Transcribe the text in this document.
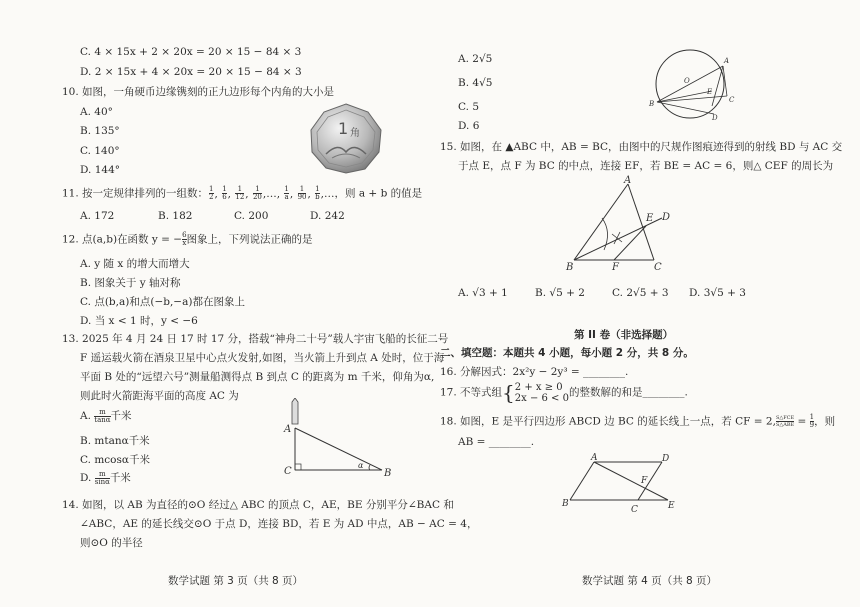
C. 4 × 15x + 2 × 20x = 20 × 15 − 84 × 3
D. 2 × 15x + 4 × 20x = 20 × 15 − 84 × 3
10. 如图，一角硬币边缘镌刻的正九边形每个内角的大小是
A. 40°
B. 135°
C. 140°
D. 144°
1 角
11. 按一定规律排列的一组数： $\frac{1}{2}$ , $\frac{1}{6}$ , $\frac{1}{12}$ , $\frac{1}{20}$ ,…, $\frac{1}{a}$ , $\frac{1}{90}$ , $\frac{1}{b}$ ,…，则 a + b 的值是
A. 172	B. 182	C. 200	D. 242
12. 点(a,b)在函数 y = − $\frac{6}{x}$ 图象上，下列说法正确的是
A. y 随 x 的增大而增大
B. 图象关于 y 轴对称
C. 点(b,a)和点(−b,−a)都在图象上
D. 当 x < 1 时，y < −6
13. 2025 年 4 月 24 日 17 时 17 分，搭载“神舟二十号”载人宇宙飞船的长征二号
F 遥运载火箭在酒泉卫星中心点火发射,如图，当火箭上升到点 A 处时，位于海
平面 B 处的“远望六号”测量船测得点 B 到点 C 的距离为 m 千米，仰角为α,
则此时火箭距海平面的高度 AC 为
A. $\frac{m}{\tan\alpha}$ 千米
B. mtanα千米
C. mcosα千米
D. $\frac{m}{\sin\alpha}$ 千米
A
C	B
α
14. 如图，以 AB 为直径的⊙O 经过△ ABC 的顶点 C，AE，BE 分别平分∠BAC 和
∠ABC，AE 的延长线交⊙O 于点 D，连接 BD，若 E 为 AD 中点，AB − AC = 4，
则⊙O 的半径
数学试题 第 3 页（共 8 页）
A. 2√5
B. 4√5
C. 5
D. 6
A
B	C
D
E
O
15. 如图，在 ▲ABC 中，AB = BC，由图中的尺规作图痕迹得到的射线 BD 与 AC 交
于点 E，点 F 为 BC 的中点，连接 EF，若 BE = AC = 6，则△ CEF 的周长为
A
B	C
D
E
F
A. √3 + 1	B. √5 + 2	C. 2√5 + 3 D. 3√5 + 3
第 II 卷（非选择题）
二、填空题：本题共 4 小题，每小题 2 分，共 8 分。
16. 分解因式：2x²y − 2y³ = ________.
17. 不等式组{ 2 + x ≥ 0
2x − 6 < 0 的整数解的和是________.
18. 如图，E 是平行四边形 ABCD 边 BC 的延长线上一点，若 CF = 2, $\frac{\text{S△FCE}}{\text{S△ABE}} = \frac{1}{9}$ ，则
AB = ________.
A
B
C
D
E
F
数学试题 第 4 页（共 8 页）
